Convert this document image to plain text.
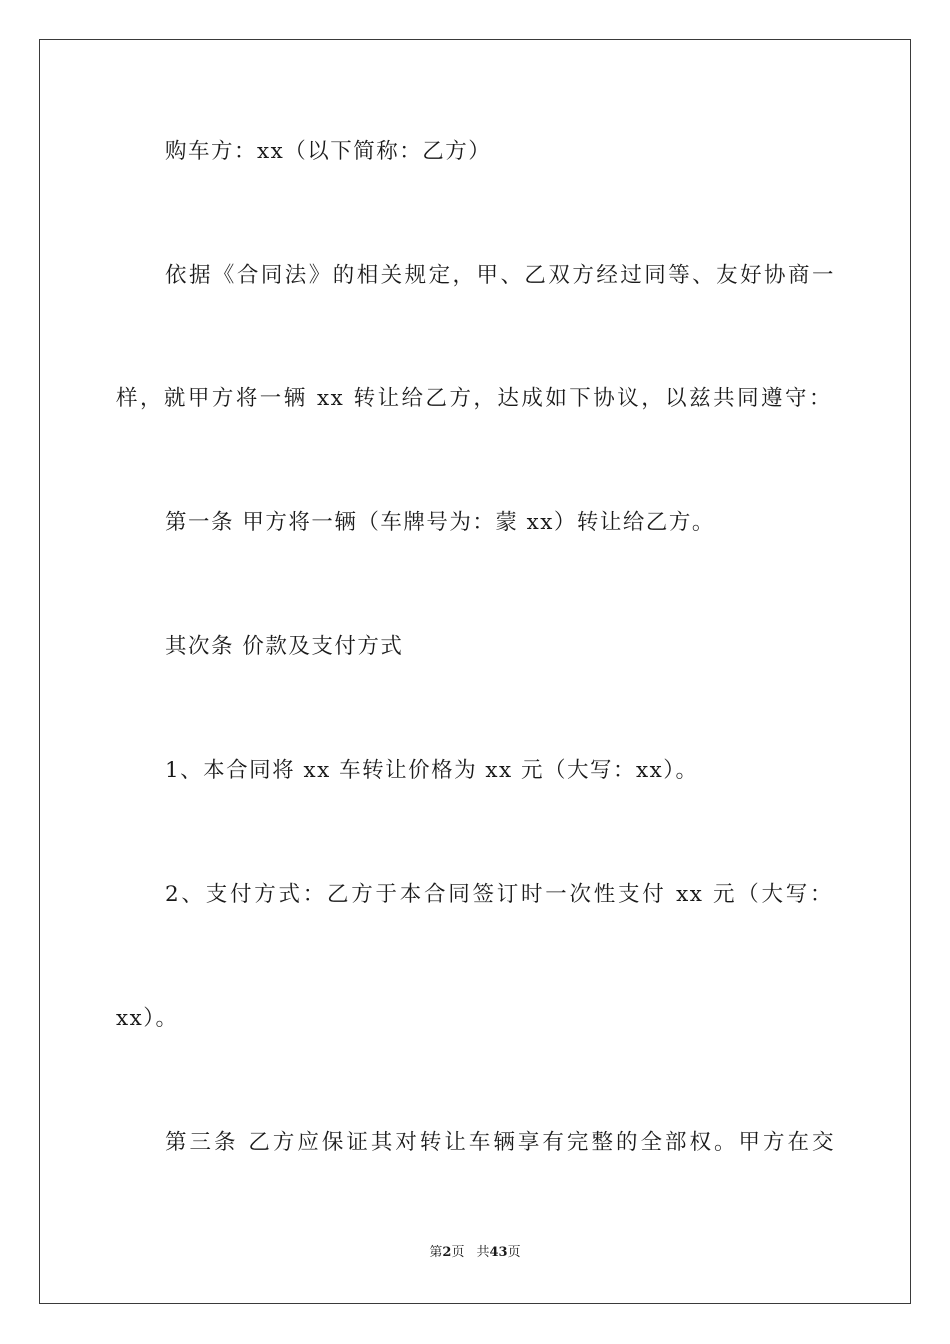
购车方：xx（以下简称：乙方）
依据《合同法》的相关规定，甲、乙双方经过同等、友好协商一
样，就甲方将一辆 xx 转让给乙方，达成如下协议，以兹共同遵守：
第一条 甲方将一辆（车牌号为：蒙 xx）转让给乙方。
其次条 价款及支付方式
1、本合同将 xx 车转让价格为 xx 元（大写：xx）。
2、支付方式：乙方于本合同签订时一次性支付 xx 元（大写：
xx）。
第三条 乙方应保证其对转让车辆享有完整的全部权。甲方在交
第2页 共43页
